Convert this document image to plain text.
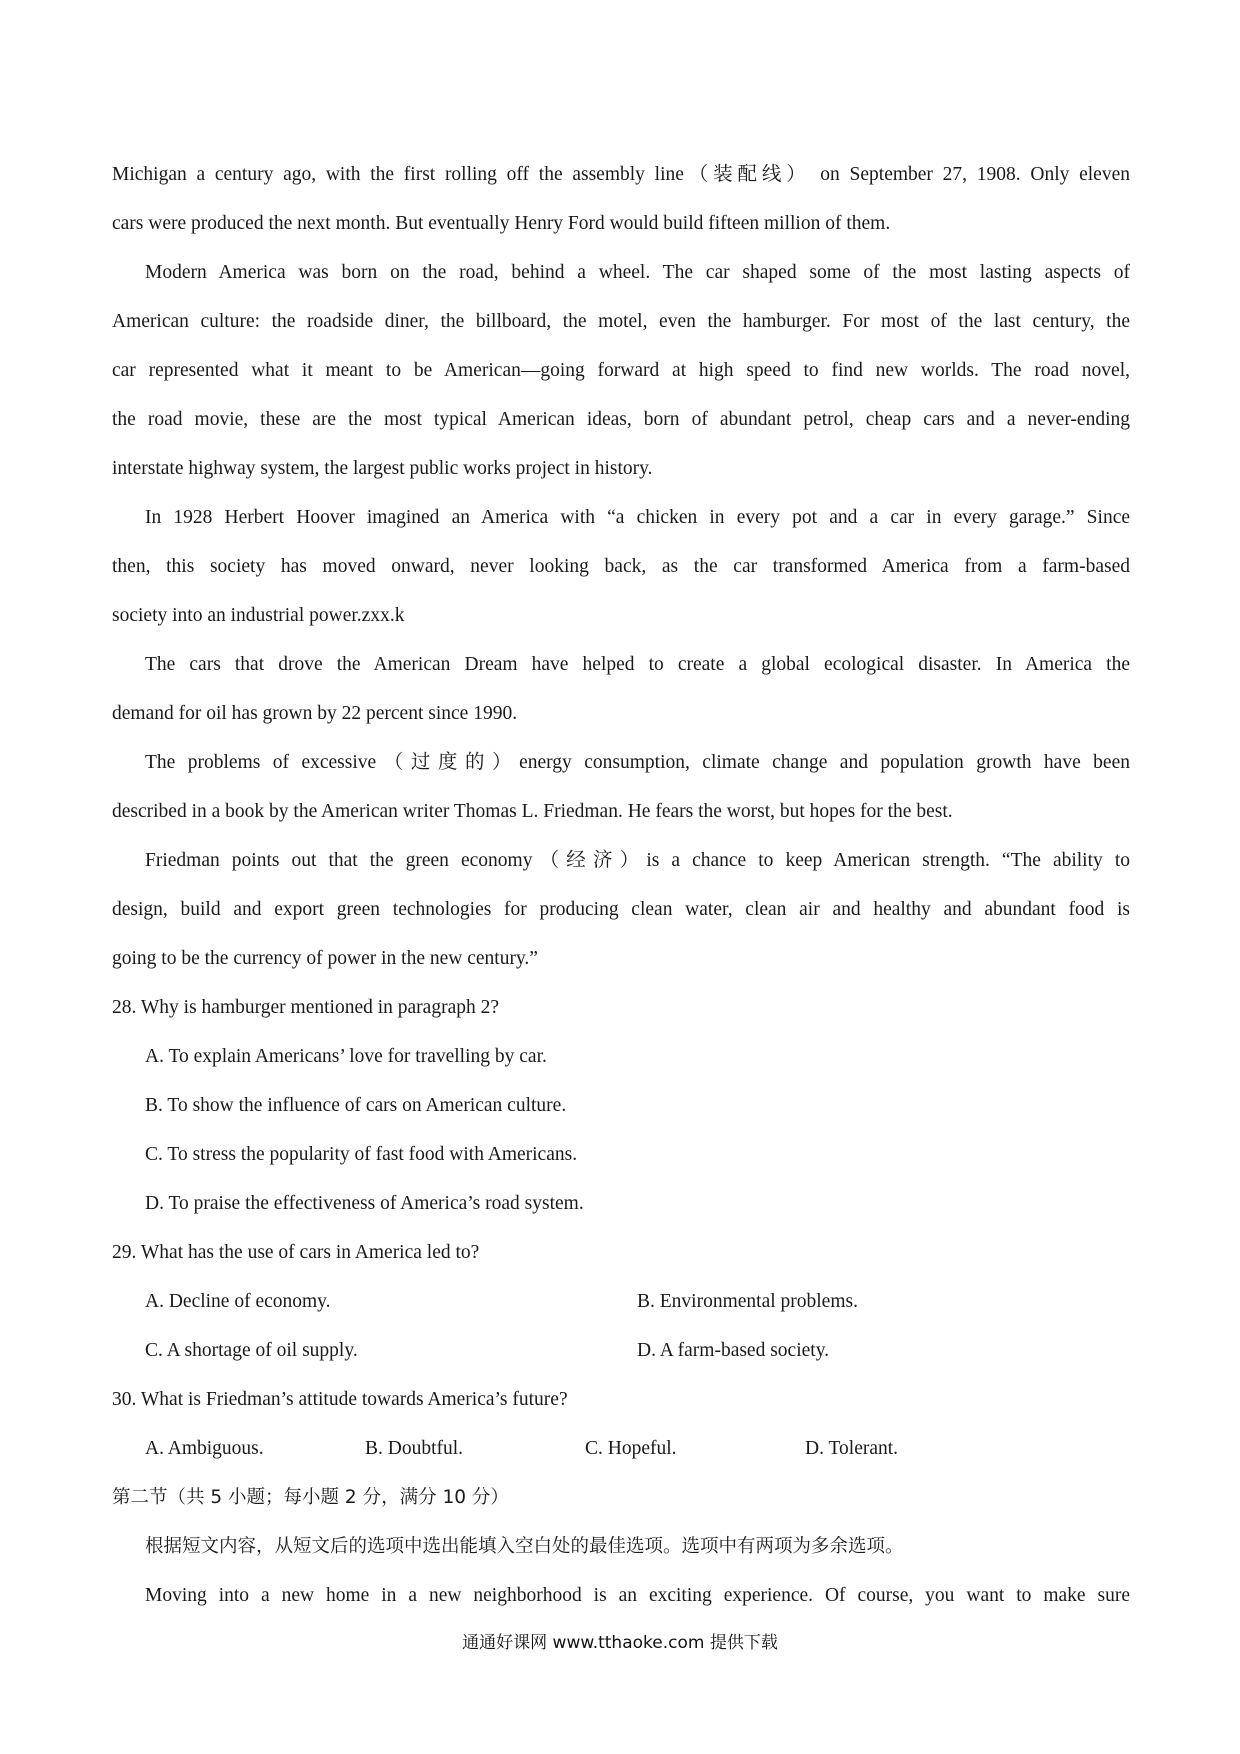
Michigan a century ago, with the first rolling off the assembly line（装配线） on September 27, 1908. Only eleven
cars were produced the next month. But eventually Henry Ford would build fifteen million of them.
Modern America was born on the road, behind a wheel. The car shaped some of the most lasting aspects of
American culture: the roadside diner, the billboard, the motel, even the hamburger. For most of the last century, the
car represented what it meant to be American—going forward at high speed to find new worlds. The road novel,
the road movie, these are the most typical American ideas, born of abundant petrol, cheap cars and a never-ending
interstate highway system, the largest public works project in history.
In 1928 Herbert Hoover imagined an America with “a chicken in every pot and a car in every garage.” Since
then, this society has moved onward, never looking back, as the car transformed America from a farm-based
society into an industrial power.zxx.k
The cars that drove the American Dream have helped to create a global ecological disaster. In America the
demand for oil has grown by 22 percent since 1990.
The problems of excessive（过度的）energy consumption, climate change and population growth have been
described in a book by the American writer Thomas L. Friedman. He fears the worst, but hopes for the best.
Friedman points out that the green economy（经济）is a chance to keep American strength. “The ability to
design, build and export green technologies for producing clean water, clean air and healthy and abundant food is
going to be the currency of power in the new century.”
28. Why is hamburger mentioned in paragraph 2?
A. To explain Americans’ love for travelling by car.
B. To show the influence of cars on American culture.
C. To stress the popularity of fast food with Americans.
D. To praise the effectiveness of America’s road system.
29. What has the use of cars in America led to?
A. Decline of economy.	B. Environmental problems.
C. A shortage of oil supply.	D. A farm-based society.
30. What is Friedman’s attitude towards America’s future?
A. Ambiguous.	B. Doubtful.	C. Hopeful.	D. Tolerant.
第二节（共 5 小题；每小题 2 分，满分 10 分）
根据短文内容，从短文后的选项中选出能填入空白处的最佳选项。选项中有两项为多余选项。
Moving into a new home in a new neighborhood is an exciting experience. Of course, you want to make sure
通通好课网 www.tthaoke.com 提供下载
